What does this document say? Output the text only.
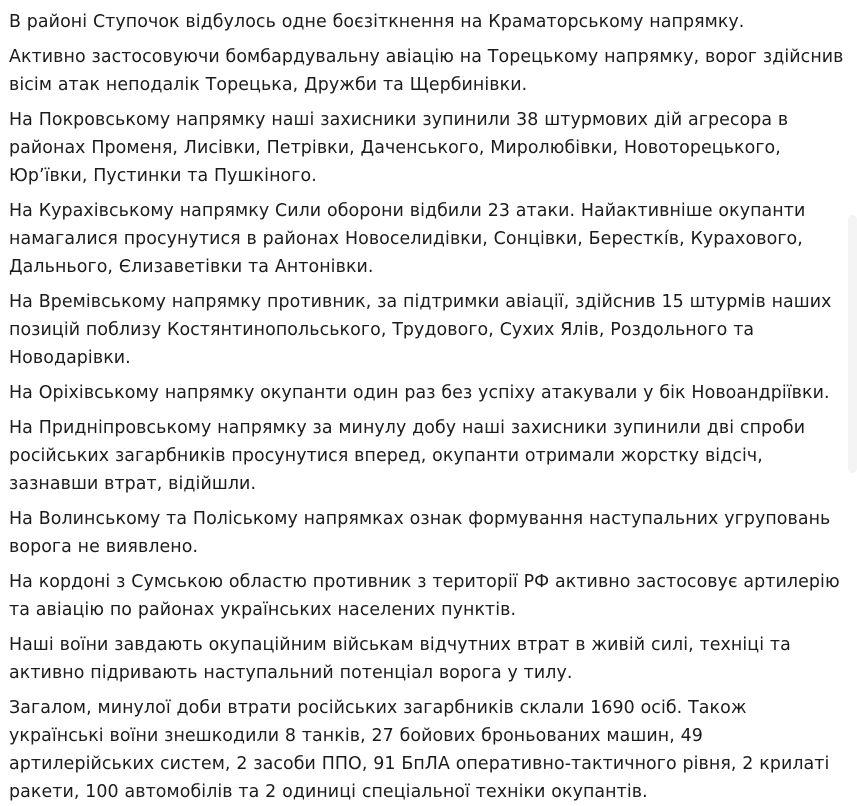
В районі Ступочок відбулось одне боєзіткнення на Краматорському напрямку.

Активно застосовуючи бомбардувальну авіацію на Торецькому напрямку, ворог здійснив вісім атак неподалік Торецька, Дружби та Щербинівки.

На Покровському напрямку наші захисники зупинили 38 штурмових дій агресора в районах Променя, Лисівки, Петрівки, Даченського, Миролюбівки, Новоторецького, Юр’ївки, Пустинки та Пушкіного.

На Курахівському напрямку Сили оборони відбили 23 атаки. Найактивніше окупанти намагалися просунутися в районах Новоселидівки, Сонцівки, Бересткі́в, Курахового, Дальнього, Єлизаветівки та Антонівки.

На Времівському напрямку противник, за підтримки авіації, здійснив 15 штурмів наших позицій поблизу Костянтинопольського, Трудового, Сухих Ялів, Роздольного та Новодарівки.

На Оріхівському напрямку окупанти один раз без успіху атакували у бік Новоандріївки.

На Придніпровському напрямку за минулу добу наші захисники зупинили дві спроби російських загарбників просунутися вперед, окупанти отримали жорстку відсіч, зазнавши втрат, відійшли.

На Волинському та Поліському напрямках ознак формування наступальних угруповань ворога не виявлено.

На кордоні з Сумською областю противник з території РФ активно застосовує артилерію та авіацію по районах українських населених пунктів.

Наші воїни завдають окупаційним військам відчутних втрат в живій силі, техніці та активно підривають наступальний потенціал ворога у тилу.

Загалом, минулої доби втрати російських загарбників склали 1690 осіб. Також українські воїни знешкодили 8 танків, 27 бойових броньованих машин, 49 артилерійських систем, 2 засоби ППО, 91 БпЛА оперативно-тактичного рівня, 2 крилаті ракети, 100 автомобілів та 2 одиниці спеціальної техніки окупантів.
